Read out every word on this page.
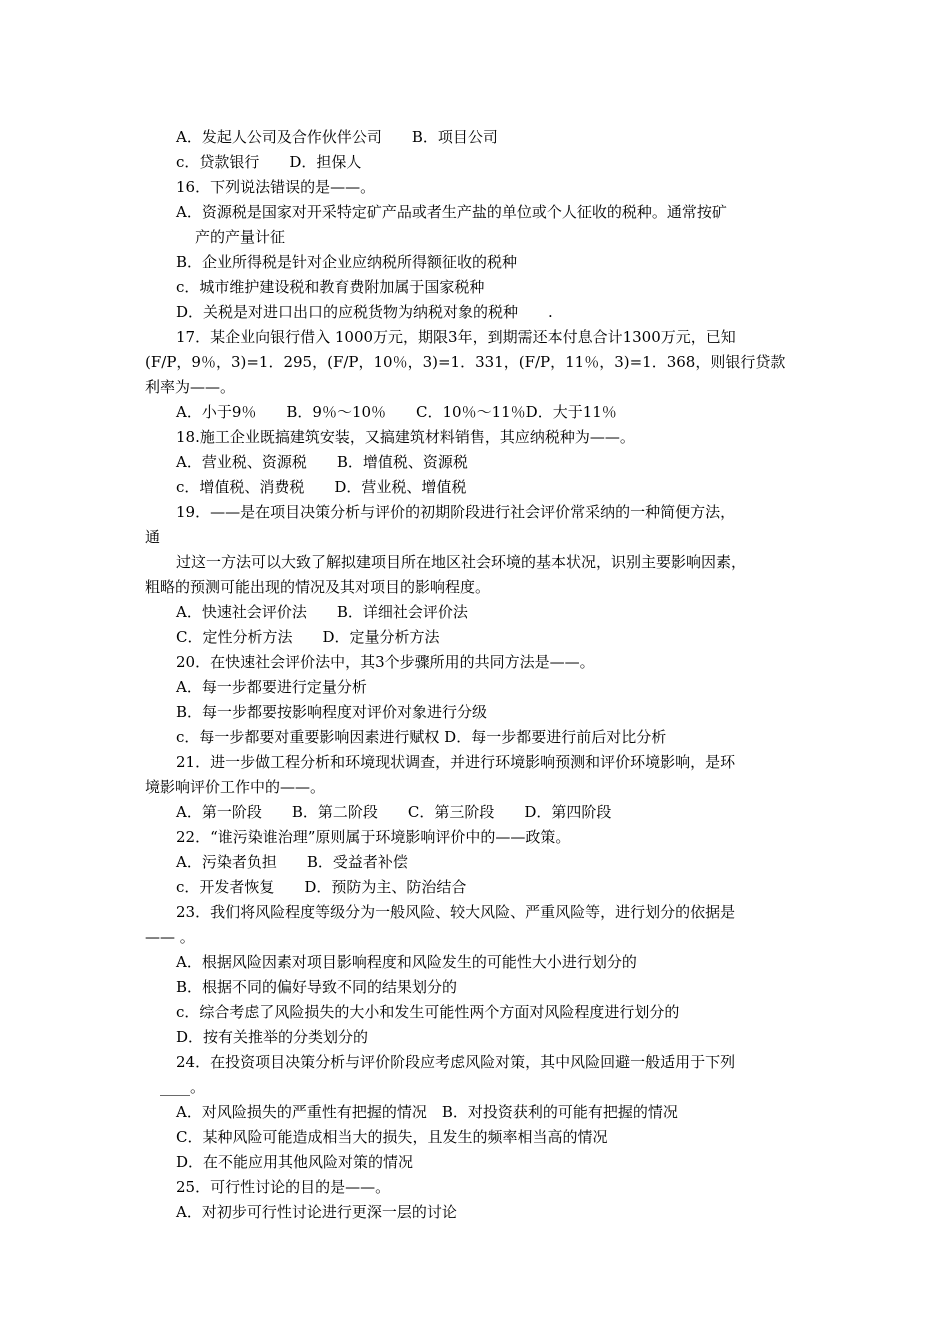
A．发起人公司及合作伙伴公司　　B．项目公司

c．贷款银行　　D．担保人

16．下列说法错误的是——。

A．资源税是国家对开采特定矿产品或者生产盐的单位或个人征收的税种。通常按矿

产的产量计征

B．企业所得税是针对企业应纳税所得额征收的税种

c．城市维护建设税和教育费附加属于国家税种

D．关税是对进口出口的应税货物为纳税对象的税种　　.

17．某企业向银行借入 1000万元，期限3年，到期需还本付息合计1300万元，已知

(F/P，9％，3)=1．295，(F/P，10％，3)=1．331，(F/P，11％，3)=1．368，则银行贷款

利率为——。

A．小于9％　　B．9％～10％　　C．10％～11％D．大于11％

18.施工企业既搞建筑安装，又搞建筑材料销售，其应纳税种为——。

A．营业税、资源税　　B．增值税、资源税

c．增值税、消费税　　D．营业税、增值税

19．——是在项目决策分析与评价的初期阶段进行社会评价常采纳的一种简便方法，

通

过这一方法可以大致了解拟建项目所在地区社会环境的基本状况，识别主要影响因素，

粗略的预测可能出现的情况及其对项目的影响程度。

A．快速社会评价法　　B．详细社会评价法

C．定性分析方法　　D．定量分析方法

20．在快速社会评价法中，其3个步骤所用的共同方法是——。

A．每一步都要进行定量分析

B．每一步都要按影响程度对评价对象进行分级

c．每一步都要对重要影响因素进行赋权 D．每一步都要进行前后对比分析

21．进一步做工程分析和环境现状调查，并进行环境影响预测和评价环境影响，是环

境影响评价工作中的——。

A．第一阶段　　B．第二阶段　　C．第三阶段　　D．第四阶段

22．“谁污染谁治理”原则属于环境影响评价中的——政策。

A．污染者负担　　B．受益者补偿

c．开发者恢复　　D．预防为主、防治结合

23．我们将风险程度等级分为一般风险、较大风险、严重风险等，进行划分的依据是

—— 。

A．根据风险因素对项目影响程度和风险发生的可能性大小进行划分的

B．根据不同的偏好导致不同的结果划分的

c．综合考虑了风险损失的大小和发生可能性两个方面对风险程度进行划分的

D．按有关推举的分类划分的

24．在投资项目决策分析与评价阶段应考虑风险对策，其中风险回避一般适用于下列

____。

A．对风险损失的严重性有把握的情况　B．对投资获利的可能有把握的情况

C．某种风险可能造成相当大的损失，且发生的频率相当高的情况

D．在不能应用其他风险对策的情况

25．可行性讨论的目的是——。

A．对初步可行性讨论进行更深一层的讨论
